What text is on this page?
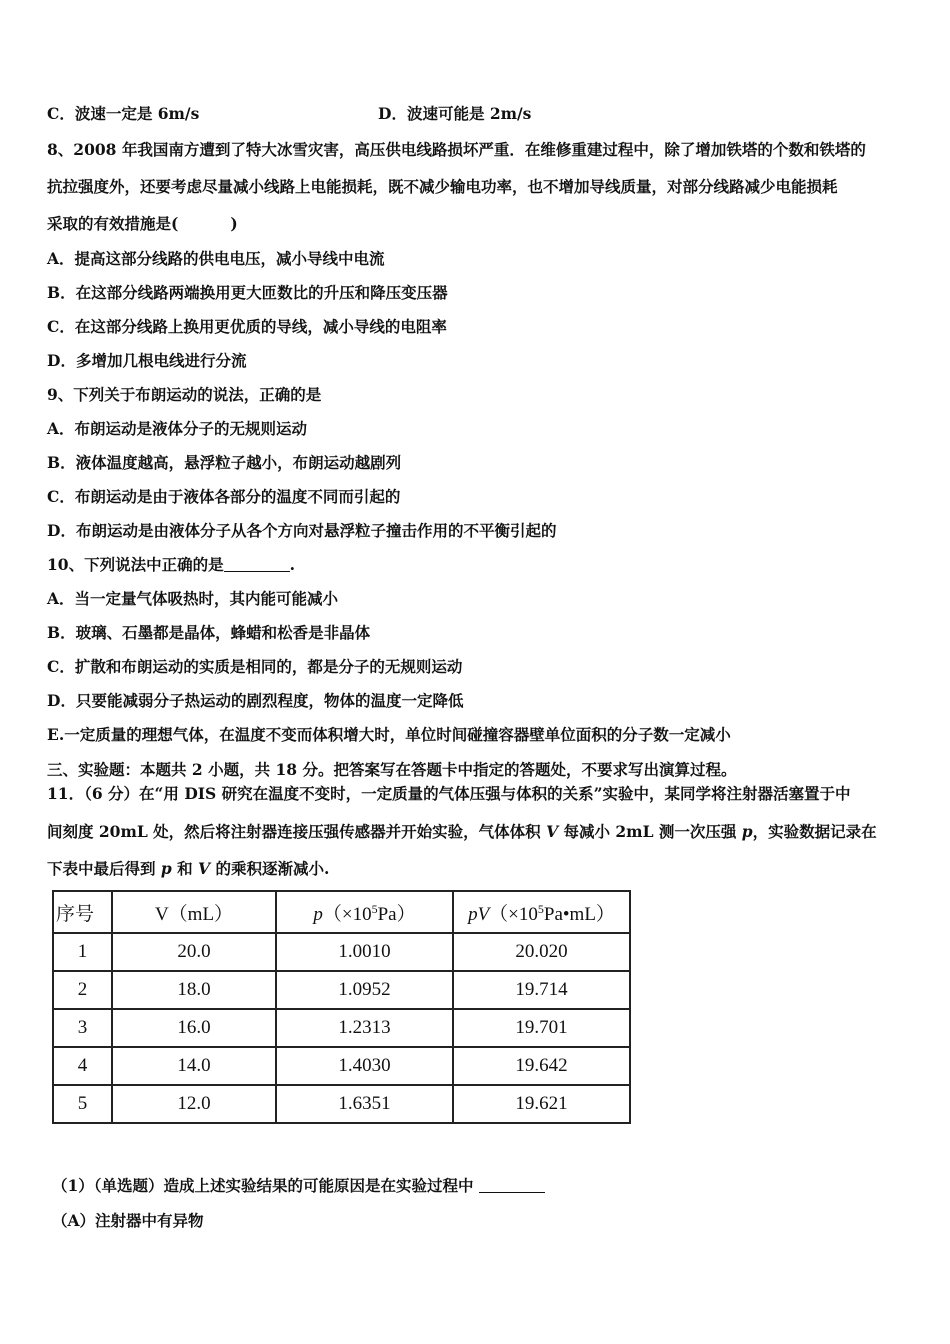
C．波速一定是 6m/s	D．波速可能是 2m/s
8、2008 年我国南方遭到了特大冰雪灾害，高压供电线路损坏严重．在维修重建过程中，除了增加铁塔的个数和铁塔的
抗拉强度外，还要考虑尽量减小线路上电能损耗，既不减少输电功率，也不增加导线质量，对部分线路减少电能损耗
采取的有效措施是(	)
A．提高这部分线路的供电电压，减小导线中电流
B．在这部分线路两端换用更大匝数比的升压和降压变压器
C．在这部分线路上换用更优质的导线，减小导线的电阻率
D．多增加几根电线进行分流
9、下列关于布朗运动的说法，正确的是
A．布朗运动是液体分子的无规则运动
B．液体温度越高，悬浮粒子越小，布朗运动越剧列
C．布朗运动是由于液体各部分的温度不同而引起的
D．布朗运动是由液体分子从各个方向对悬浮粒子撞击作用的不平衡引起的
10、下列说法中正确的是	.
A．当一定量气体吸热时，其内能可能减小
B．玻璃、石墨都是晶体，蜂蜡和松香是非晶体
C．扩散和布朗运动的实质是相同的，都是分子的无规则运动
D．只要能减弱分子热运动的剧烈程度，物体的温度一定降低
E.一定质量的理想气体，在温度不变而体积增大时，单位时间碰撞容器壁单位面积的分子数一定减小
三、实验题：本题共 2 小题，共 18 分。把答案写在答题卡中指定的答题处，不要求写出演算过程。
11．（6 分）在“用 DIS 研究在温度不变时，一定质量的气体压强与体积的关系”实验中，某同学将注射器活塞置于中
间刻度 20mL 处，然后将注射器连接压强传感器并开始实验，气体体积 V 每减小 2mL 测一次压强 p，实验数据记录在
下表中最后得到 p 和 V 的乘积逐渐减小.
序号	V（mL）	$p(\times 10^5Pa)$	$pV(\times 10^5Pa•mL)$
1	20.0	1.0010	20.020
2	18.0	1.0952	19.714
3	16.0	1.2313	19.701
4	14.0	1.4030	19.642
5	12.0	1.6351	19.621
（1）（单选题）造成上述实验结果的可能原因是在实验过程中
（A）注射器中有异物
